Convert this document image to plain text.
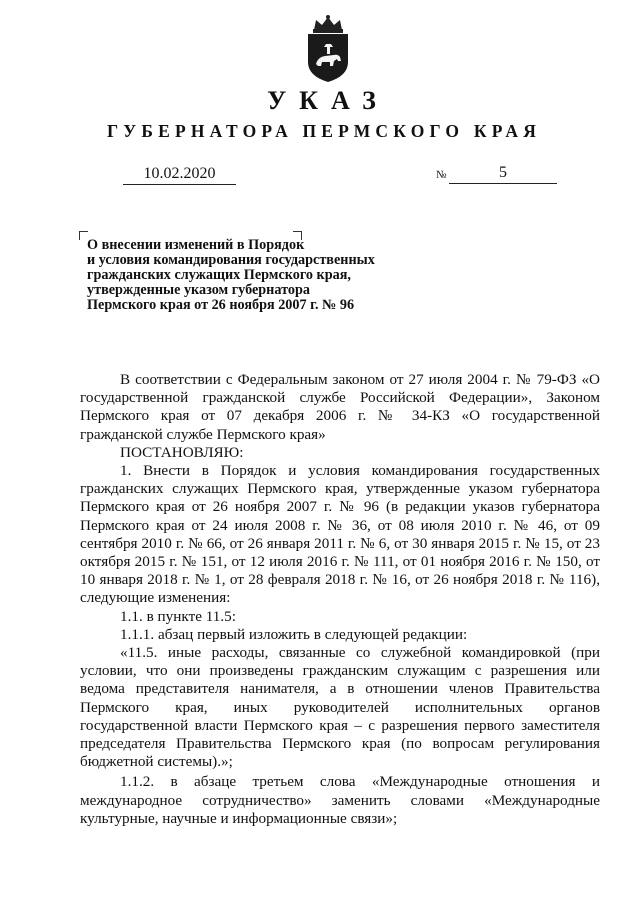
УКАЗ
ГУБЕРНАТОРА ПЕРМСКОГО КРАЯ
10.02.2020	№	5
О внесении изменений в Порядок
и условия командирования государственных
гражданских служащих Пермского края,
утвержденные указом губернатора
Пермского края от 26 ноября 2007 г. № 96

В соответствии с Федеральным законом от 27 июля 2004 г. № 79-ФЗ «О государственной гражданской службе Российской Федерации», Законом Пермского края от 07 декабря 2006 г. № 34-КЗ «О государственной гражданской службе Пермского края»

ПОСТАНОВЛЯЮ:

1. Внести в Порядок и условия командирования государственных гражданских служащих Пермского края, утвержденные указом губернатора Пермского края от 26 ноября 2007 г. № 96 (в редакции указов губернатора Пермского края от 24 июля 2008 г. № 36, от 08 июля 2010 г. № 46, от 09 сентября 2010 г. № 66, от 26 января 2011 г. № 6, от 30 января 2015 г. № 15, от 23 октября 2015 г. № 151, от 12 июля 2016 г. № 111, от 01 ноября 2016 г. № 150, от 10 января 2018 г. № 1, от 28 февраля 2018 г. № 16, от 26 ноября 2018 г. № 116), следующие изменения:

1.1. в пункте 11.5:

1.1.1. абзац первый изложить в следующей редакции:

«11.5. иные расходы, связанные со служебной командировкой (при условии, что они произведены гражданским служащим с разрешения или ведома представителя нанимателя, а в отношении членов Правительства Пермского края, иных руководителей исполнительных органов государственной власти Пермского края – с разрешения первого заместителя председателя Правительства Пермского края (по вопросам регулирования бюджетной системы).»;

1.1.2. в абзаце третьем слова «Международные отношения и международное сотрудничество» заменить словами «Международные культурные, научные и информационные связи»;
